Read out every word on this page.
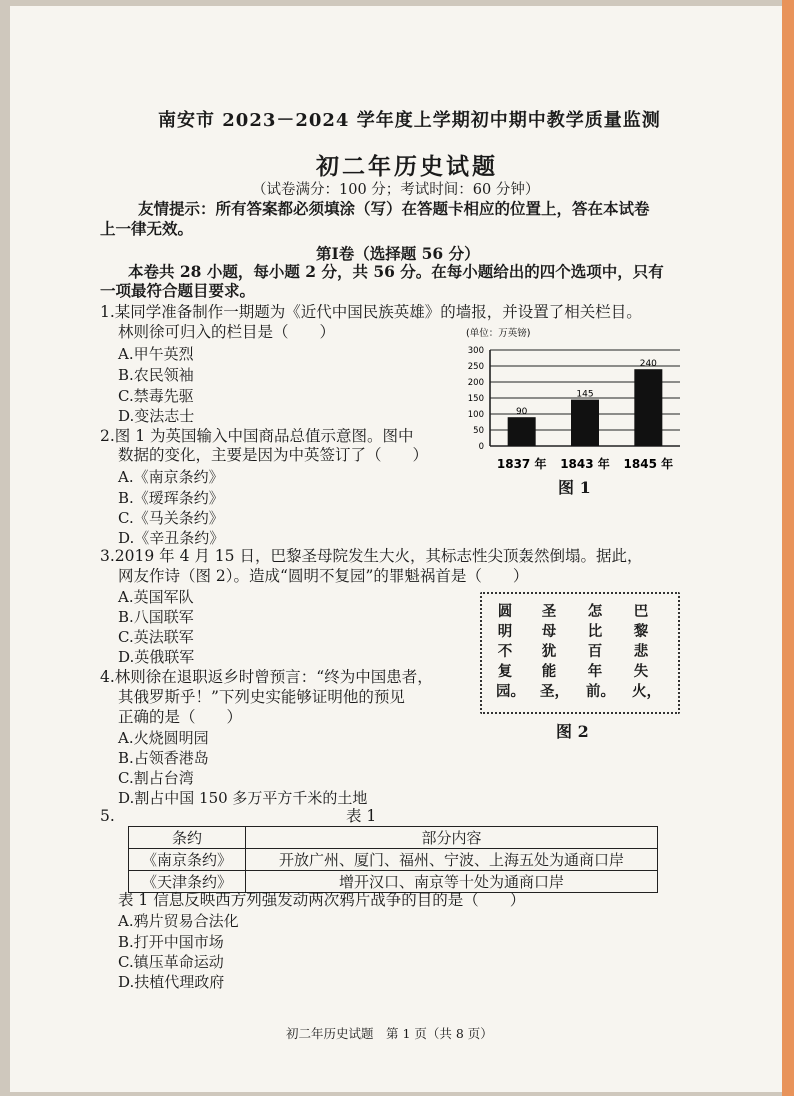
南安市 2023－2024 学年度上学期初中期中教学质量监测
初二年历史试题
（试卷满分：100 分；考试时间：60 分钟）
友情提示：所有答案都必须填涂（写）在答题卡相应的位置上，答在本试卷
上一律无效。
第Ⅰ卷（选择题 56 分）
本卷共 28 小题，每小题 2 分，共 56 分。在每小题给出的四个选项中，只有
一项最符合题目要求。
1.某同学准备制作一期题为《近代中国民族英雄》的墙报，并设置了相关栏目。
林则徐可归入的栏目是（　　）
A.甲午英烈
B.农民领袖
C.禁毒先驱
D.变法志士
2.图 1 为英国输入中国商品总值示意图。图中
数据的变化，主要是因为中英签订了（　　）
A.《南京条约》
B.《瑷珲条约》
C.《马关条约》
D.《辛丑条约》
(单位：万英镑)
0
50
100
150
200
250
300
90
145
240
1837 年 1843 年 1845 年
图 1
3.2019 年 4 月 15 日，巴黎圣母院发生大火，其标志性尖顶轰然倒塌。据此，
网友作诗（图 2）。造成“圆明不复园”的罪魁祸首是（　　）
A.英国军队
B.八国联军
C.英法联军
D.英俄联军
巴黎悲失火，
怎比百年前。
圣母犹能圣，
圆明不复园。
图 2
4.林则徐在退职返乡时曾预言：“终为中国患者，
其俄罗斯乎！”下列史实能够证明他的预见
正确的是（　　）
A.火烧圆明园
B.占领香港岛
C.割占台湾
D.割占中国 150 多万平方千米的土地
5.	表 1
条约	部分内容
《南京条约》	开放广州、厦门、福州、宁波、上海五处为通商口岸
《天津条约》	增开汉口、南京等十处为通商口岸
表 1 信息反映西方列强发动两次鸦片战争的目的是（　　）
A.鸦片贸易合法化
B.打开中国市场
C.镇压革命运动
D.扶植代理政府
初二年历史试题　第 1 页（共 8 页）
